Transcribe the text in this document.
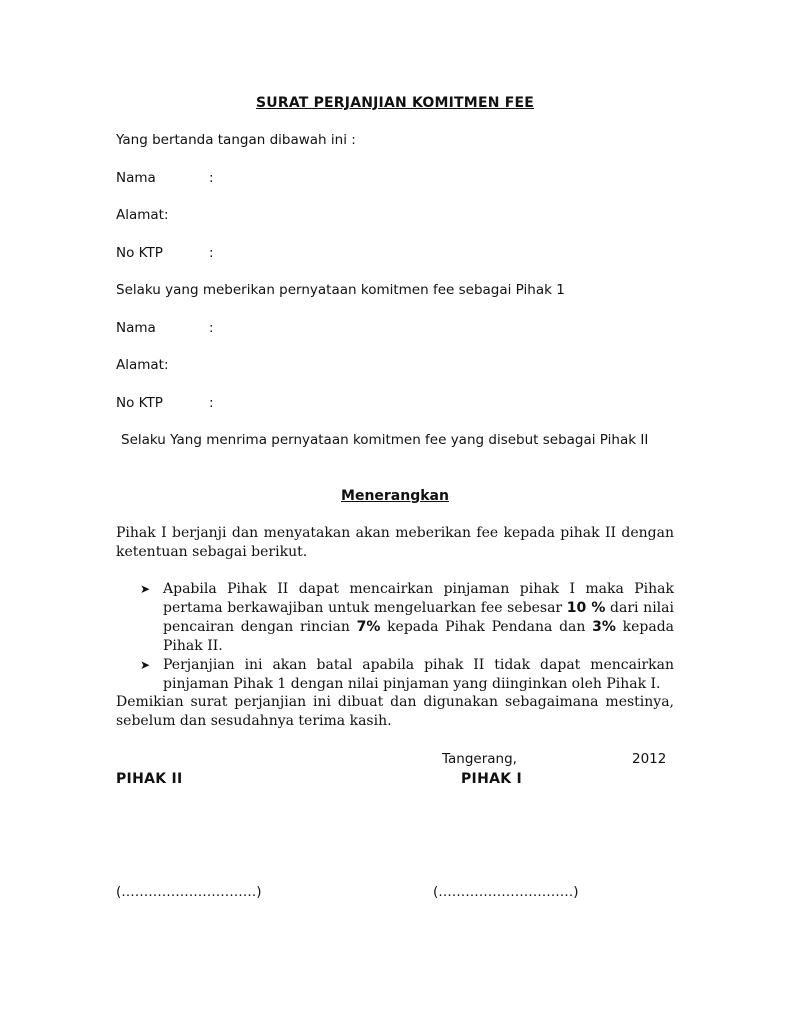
SURAT PERJANJIAN KOMITMEN FEE
Yang bertanda tangan dibawah ini :
Nama	:
Alamat:
No KTP	:
Selaku yang meberikan pernyataan komitmen fee sebagai Pihak 1
Nama	:
Alamat:
No KTP	:
Selaku Yang menrima pernyataan komitmen fee yang disebut sebagai Pihak II
Menerangkan
Pihak I berjanji dan menyatakan akan meberikan fee kepada pihak II dengan ketentuan sebagai berikut.
➤ Apabila Pihak II dapat mencairkan pinjaman pihak I maka Pihak pertama berkawajiban untuk mengeluarkan fee sebesar 10 % dari nilai pencairan dengan rincian 7% kepada Pihak Pendana dan 3% kepada Pihak II.
➤ Perjanjian ini akan batal apabila pihak II tidak dapat mencairkan pinjaman Pihak 1 dengan nilai pinjaman yang diinginkan oleh Pihak I.
Demikian surat perjanjian ini dibuat dan digunakan sebagaimana mestinya, sebelum dan sesudahnya terima kasih.
Tangerang,	2012
PIHAK II	PIHAK I
(…………………………)	(…………………………)
